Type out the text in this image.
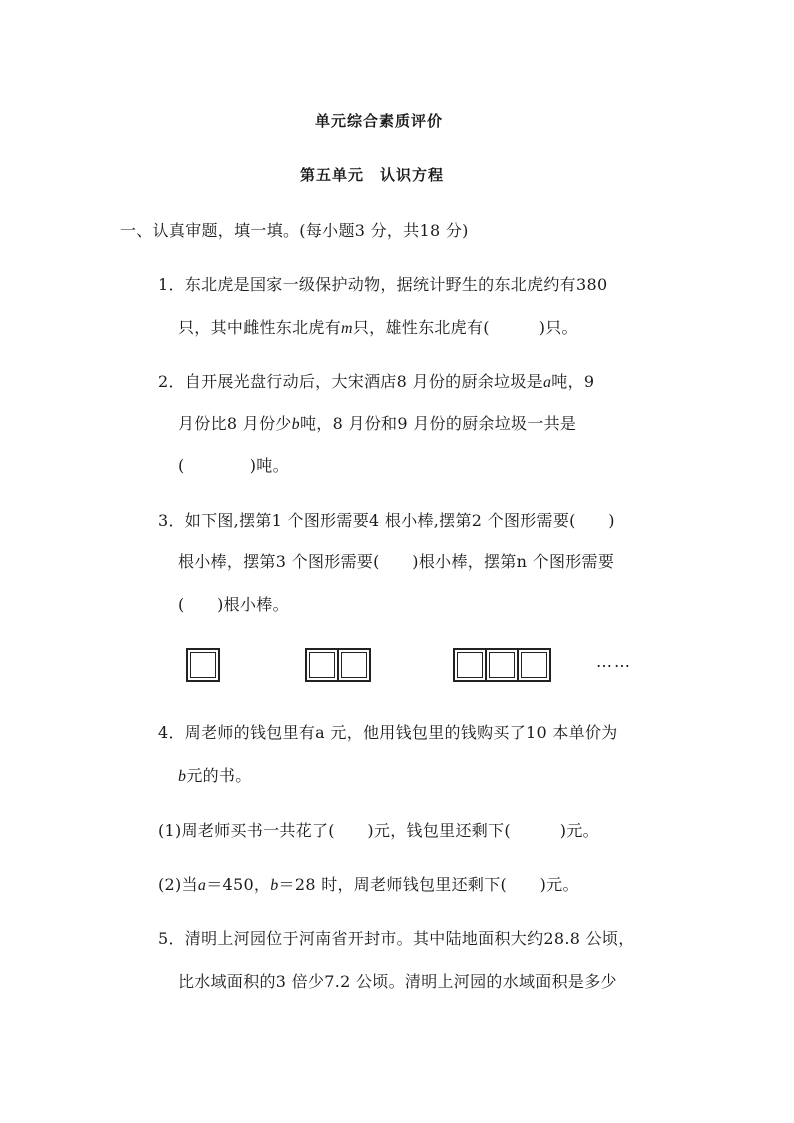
单元综合素质评价
第五单元　认识方程
一、认真审题，填一填。(每小题3 分，共18 分)
1．东北虎是国家一级保护动物，据统计野生的东北虎约有380
只，其中雌性东北虎有m只，雄性东北虎有(　　　)只。
2．自开展光盘行动后，大宋酒店8 月份的厨余垃圾是a吨，9
月份比8 月份少b吨，8 月份和9 月份的厨余垃圾一共是
(　　　　)吨。
3．如下图,摆第1 个图形需要4 根小棒,摆第2 个图形需要(　　)
根小棒，摆第3 个图形需要(　　)根小棒，摆第n 个图形需要
(　　)根小棒。
……
4．周老师的钱包里有a 元，他用钱包里的钱购买了10 本单价为
b元的书。
(1)周老师买书一共花了(　　)元，钱包里还剩下(　　　)元。
(2)当a＝450，b＝28 时，周老师钱包里还剩下(　　)元。
5．清明上河园位于河南省开封市。其中陆地面积大约28.8 公顷，
比水域面积的3 倍少7.2 公顷。清明上河园的水域面积是多少
